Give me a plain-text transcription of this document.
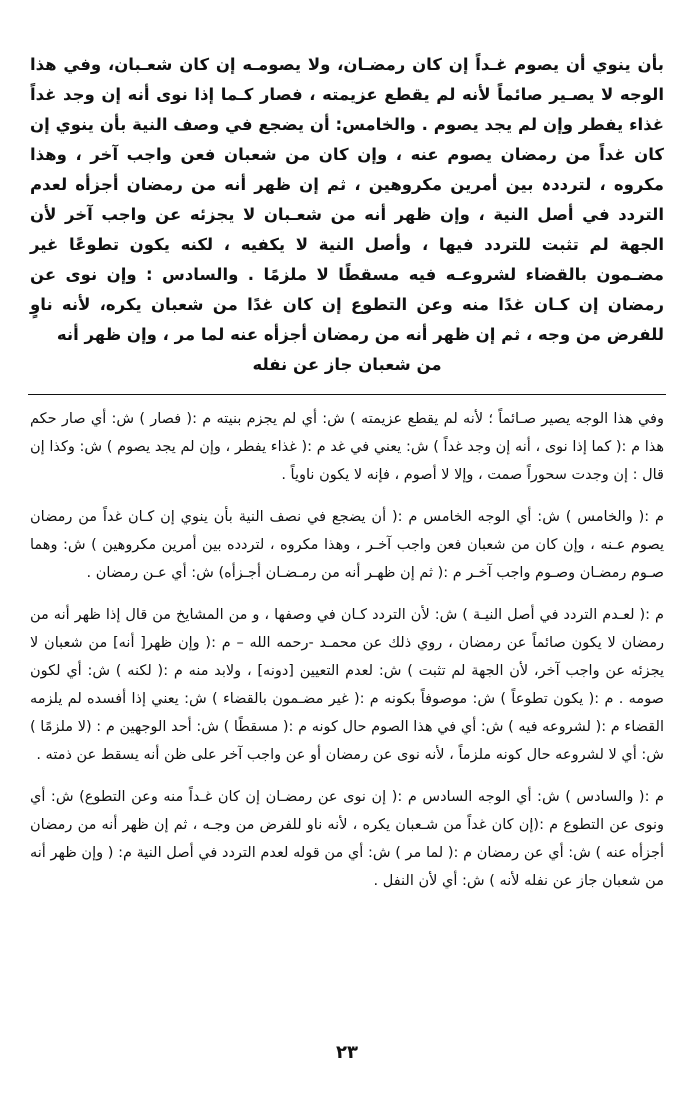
بأن ينوي أن يصوم غـداً إن كان رمضـان، ولا يصومـه إن كان شعـبان، وفي هذا الوجه لا يصـير صائماً لأنه لم يقطع عزيمته ، فصار كـما إذا نوى أنه إن وجد غداً غذاء يفطر وإن لم يجد يصوم . والخامس: أن يضجع في وصف النية بأن ينوي إن كان غداً من رمضان يصوم عنه ، وإن كان من شعبان فعن واجب آخر ، وهذا مكروه ، لترددہ بين أمرين مكروهين ، ثم إن ظهر أنه من رمضان أجزأه لعدم التردد في أصل النية ، وإن ظهر أنه من شعـبان لا يجزئه عن واجب آخر لأن الجهة لم تثبت للتردد فيها ، وأصل النية لا يكفيه ، لكنه يكون تطوعًا غير مضـمون بالقضاء لشروعـه فيه مسقطًا لا ملزمًا . والسادس : وإن نوى عن رمضان إن كـان غدًا منه وعن التطوع إن كان غدًا من شعبان يكره، لأنه ناوٍ للفرض من وجه ، ثم إن ظهر أنه من رمضان أجزأه عنه لما مر ، وإن ظهر أنه

من شعبان جاز عن نفله

وفي هذا الوجه يصير صـائماً ؛ لأنه لم يقطع عزيمته ) ش: أي لم يجزم بنيته م :( فصار ) ش: أي صار حكم هذا م :( كما إذا نوى ، أنه إن وجد غداً ) ش: يعني في غد م :( غذاء يفطر ، وإن لم يجد يصوم ) ش: وكذا إن قال : إن وجدت سحوراً صمت ، وإلا لا أصوم ، فإنه لا يكون ناوياً .

م :( والخامس ) ش: أي الوجه الخامس م :( أن يضجع في نصف النية بأن ينوي إن كـان غداً من رمضان يصوم عـنه ، وإن كان من شعبان فعن واجب آخـر ، وهذا مكروه ، لتردده بين أمرين مكروهين ) ش: وهما صـوم رمضـان وصـوم واجب آخـر م :( ثم إن ظهـر أنه من رمـضـان أجـزأه) ش: أي عـن رمضان .

م :( لعـدم التردد في أصل النيـة ) ش: لأن التردد كـان في وصفها ، و من المشايخ من قال إذا ظهر أنه من رمضان لا يكون صائماً عن رمضان ، روي ذلك عن محمـد -رحمه الله – م :( وإن ظهر[ أنه] من شعبان لا يجزئه عن واجب آخر، لأن الجهة لم تثبت ) ش: لعدم التعيين [دونه] ، ولابد منه م :( لكنه ) ش: أي لكون صومه . م :( يكون تطوعاً ) ش: موصوفاً بكونه م :( غير مضـمون بالقضاء ) ش: يعني إذا أفسده لم يلزمه القضاء م :( لشروعه فيه ) ش: أي في هذا الصوم حال كونه م :( مسقطًا ) ش: أحد الوجهين م : (لا ملزمًا ) ش: أي لا لشروعه حال كونه ملزماً ، لأنه نوى عن رمضان أو عن واجب آخر على ظن أنه يسقط عن ذمته .

م :( والسادس ) ش: أي الوجه السادس م :( إن نوى عن رمضـان إن كان غـداً منه وعن التطوع) ش: أي ونوى عن التطوع م :(إن كان غداً من شـعبان يكره ، لأنه ناو للفرض من وجـه ، ثم إن ظهر أنه من رمضان أجزأه عنه ) ش: أي عن رمضان م :( لما مر ) ش: أي من قوله لعدم التردد في أصل النية م: ( وإن ظهر أنه من شعبان جاز عن نفله لأنه ) ش: أي لأن النفل .

٢٣
